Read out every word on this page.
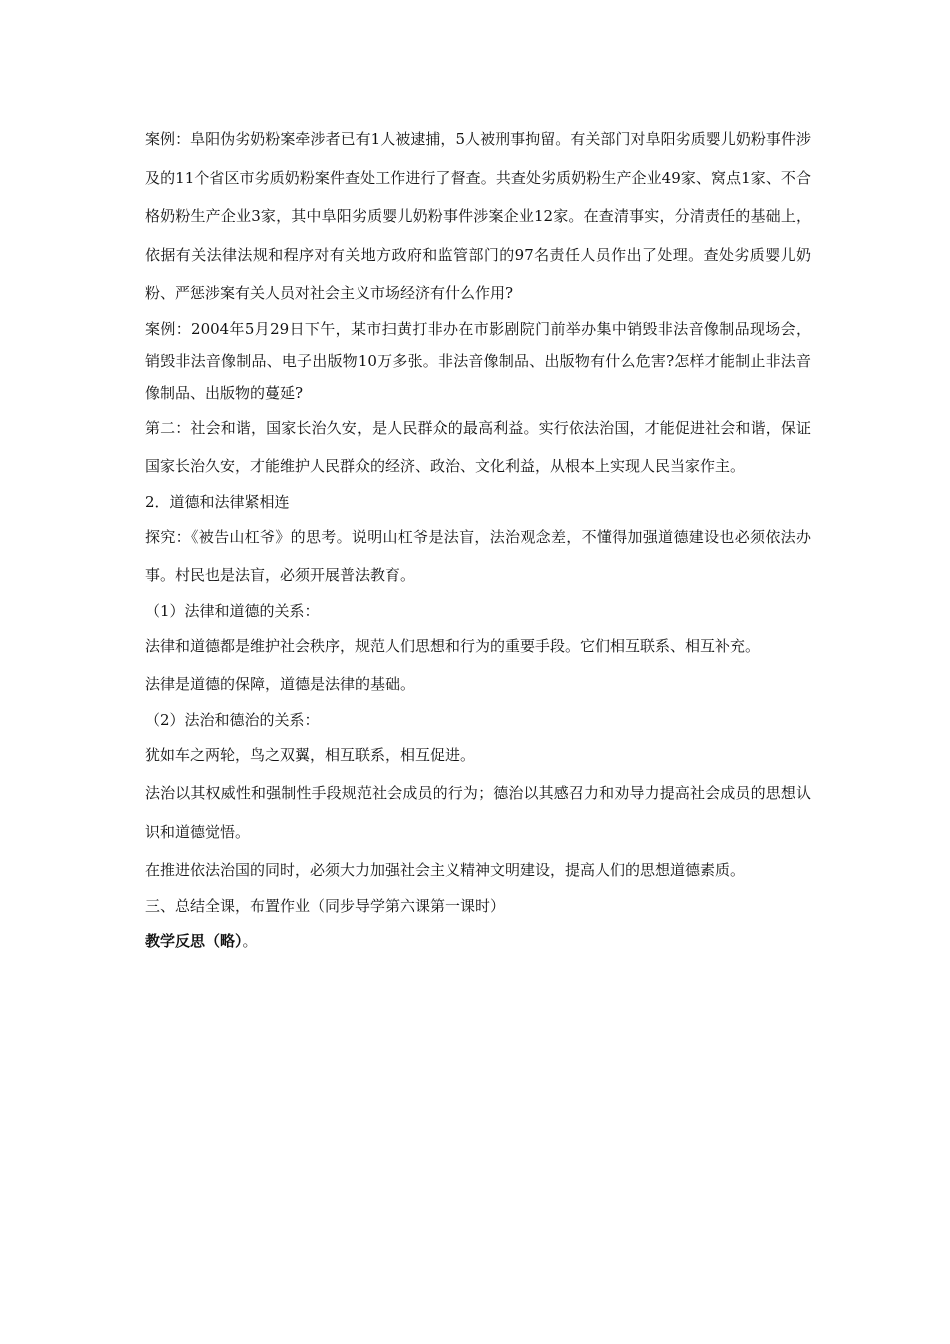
案例：阜阳伪劣奶粉案牵涉者已有1人被逮捕，5人被刑事拘留。有关部门对阜阳劣质婴儿奶粉事件涉及的11个省区市劣质奶粉案件查处工作进行了督查。共查处劣质奶粉生产企业49家、窝点1家、不合格奶粉生产企业3家，其中阜阳劣质婴儿奶粉事件涉案企业12家。在查清事实，分清责任的基础上，依据有关法律法规和程序对有关地方政府和监管部门的97名责任人员作出了处理。查处劣质婴儿奶粉、严惩涉案有关人员对社会主义市场经济有什么作用?

案例：2004年5月29日下午，某市扫黄打非办在市影剧院门前举办集中销毁非法音像制品现场会，销毁非法音像制品、电子出版物10万多张。非法音像制品、出版物有什么危害?怎样才能制止非法音像制品、出版物的蔓延?

第二：社会和谐，国家长治久安，是人民群众的最高利益。实行依法治国，才能促进社会和谐，保证国家长治久安，才能维护人民群众的经济、政治、文化利益，从根本上实现人民当家作主。

2．道德和法律紧相连

探究：《被告山杠爷》的思考。说明山杠爷是法盲，法治观念差，不懂得加强道德建设也必须依法办事。村民也是法盲，必须开展普法教育。

（1）法律和道德的关系：

法律和道德都是维护社会秩序，规范人们思想和行为的重要手段。它们相互联系、相互补充。

法律是道德的保障，道德是法律的基础。

（2）法治和德治的关系：

犹如车之两轮，鸟之双翼，相互联系，相互促进。

法治以其权威性和强制性手段规范社会成员的行为；德治以其感召力和劝导力提高社会成员的思想认识和道德觉悟。

在推进依法治国的同时，必须大力加强社会主义精神文明建设，提高人们的思想道德素质。

三、总结全课，布置作业（同步导学第六课第一课时）

教学反思（略）。
